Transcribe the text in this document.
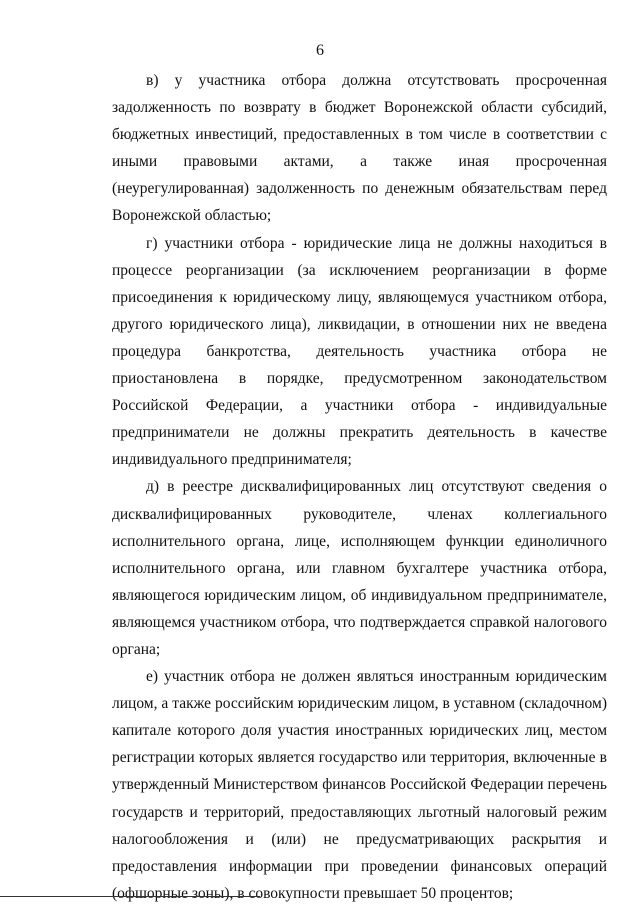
6

в) у участника отбора должна отсутствовать просроченная задолженность по возврату в бюджет Воронежской области субсидий, бюджетных инвестиций, предоставленных в том числе в соответствии с иными правовыми актами, а также иная просроченная (неурегулированная) задолженность по денежным обязательствам перед Воронежской областью;

г) участники отбора - юридические лица не должны находиться в процессе реорганизации (за исключением реорганизации в форме присоединения к юридическому лицу, являющемуся участником отбора, другого юридического лица), ликвидации, в отношении них не введена процедура банкротства, деятельность участника отбора не приостановлена в порядке, предусмотренном законодательством Российской Федерации, а участники отбора - индивидуальные предприниматели не должны прекратить деятельность в качестве индивидуального предпринимателя;

д) в реестре дисквалифицированных лиц отсутствуют сведения о дисквалифицированных руководителе, членах коллегиального исполнительного органа, лице, исполняющем функции единоличного исполнительного органа, или главном бухгалтере участника отбора, являющегося юридическим лицом, об индивидуальном предпринимателе, являющемся участником отбора, что подтверждается справкой налогового органа;

е) участник отбора не должен являться иностранным юридическим лицом, а также российским юридическим лицом, в уставном (складочном) капитале которого доля участия иностранных юридических лиц, местом регистрации которых является государство или территория, включенные в утвержденный Министерством финансов Российской Федерации перечень государств и территорий, предоставляющих льготный налоговый режим налогообложения и (или) не предусматривающих раскрытия и предоставления информации при проведении финансовых операций (офшорные зоны), в совокупности превышает 50 процентов;
